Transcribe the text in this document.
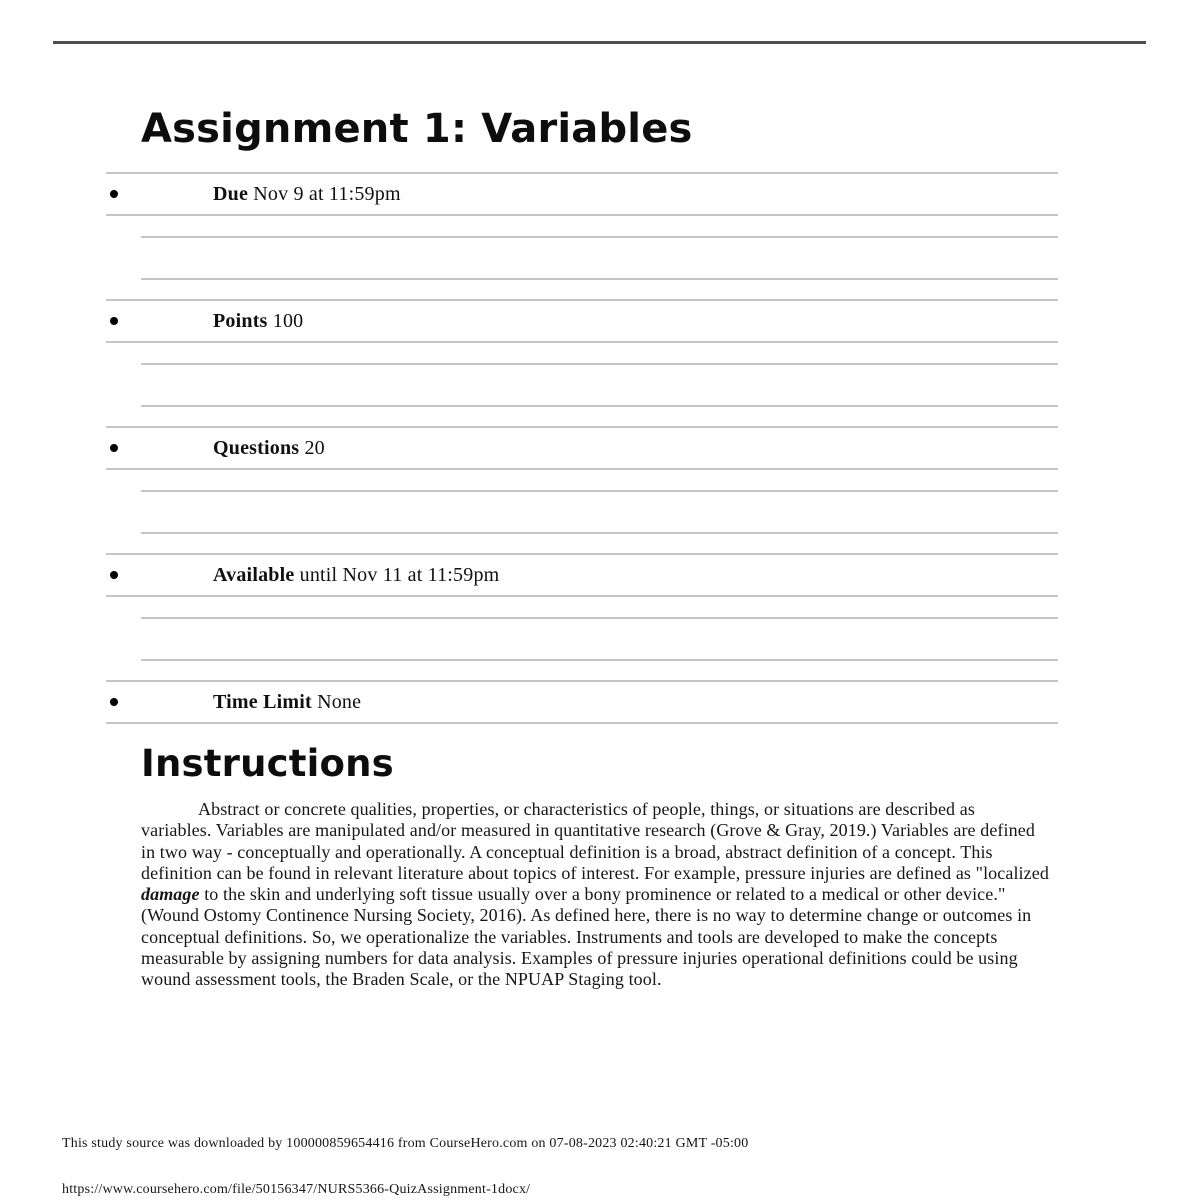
Assignment 1: Variables
Due Nov 9 at 11:59pm
Points 100
Questions 20
Available until Nov 11 at 11:59pm
Time Limit None
Instructions

Abstract or concrete qualities, properties, or characteristics of people, things, or situations are described as variables. Variables are manipulated and/or measured in quantitative research (Grove & Gray, 2019.) Variables are defined in two way - conceptually and operationally. A conceptual definition is a broad, abstract definition of a concept. This definition can be found in relevant literature about topics of interest. For example, pressure injuries are defined as "localized damage to the skin and underlying soft tissue usually over a bony prominence or related to a medical or other device." (Wound Ostomy Continence Nursing Society, 2016). As defined here, there is no way to determine change or outcomes in conceptual definitions. So, we operationalize the variables. Instruments and tools are developed to make the concepts measurable by assigning numbers for data analysis. Examples of pressure injuries operational definitions could be using wound assessment tools, the Braden Scale, or the NPUAP Staging tool.

This study source was downloaded by 100000859654416 from CourseHero.com on 07-08-2023 02:40:21 GMT -05:00
https://www.coursehero.com/file/50156347/NURS5366-QuizAssignment-1docx/
